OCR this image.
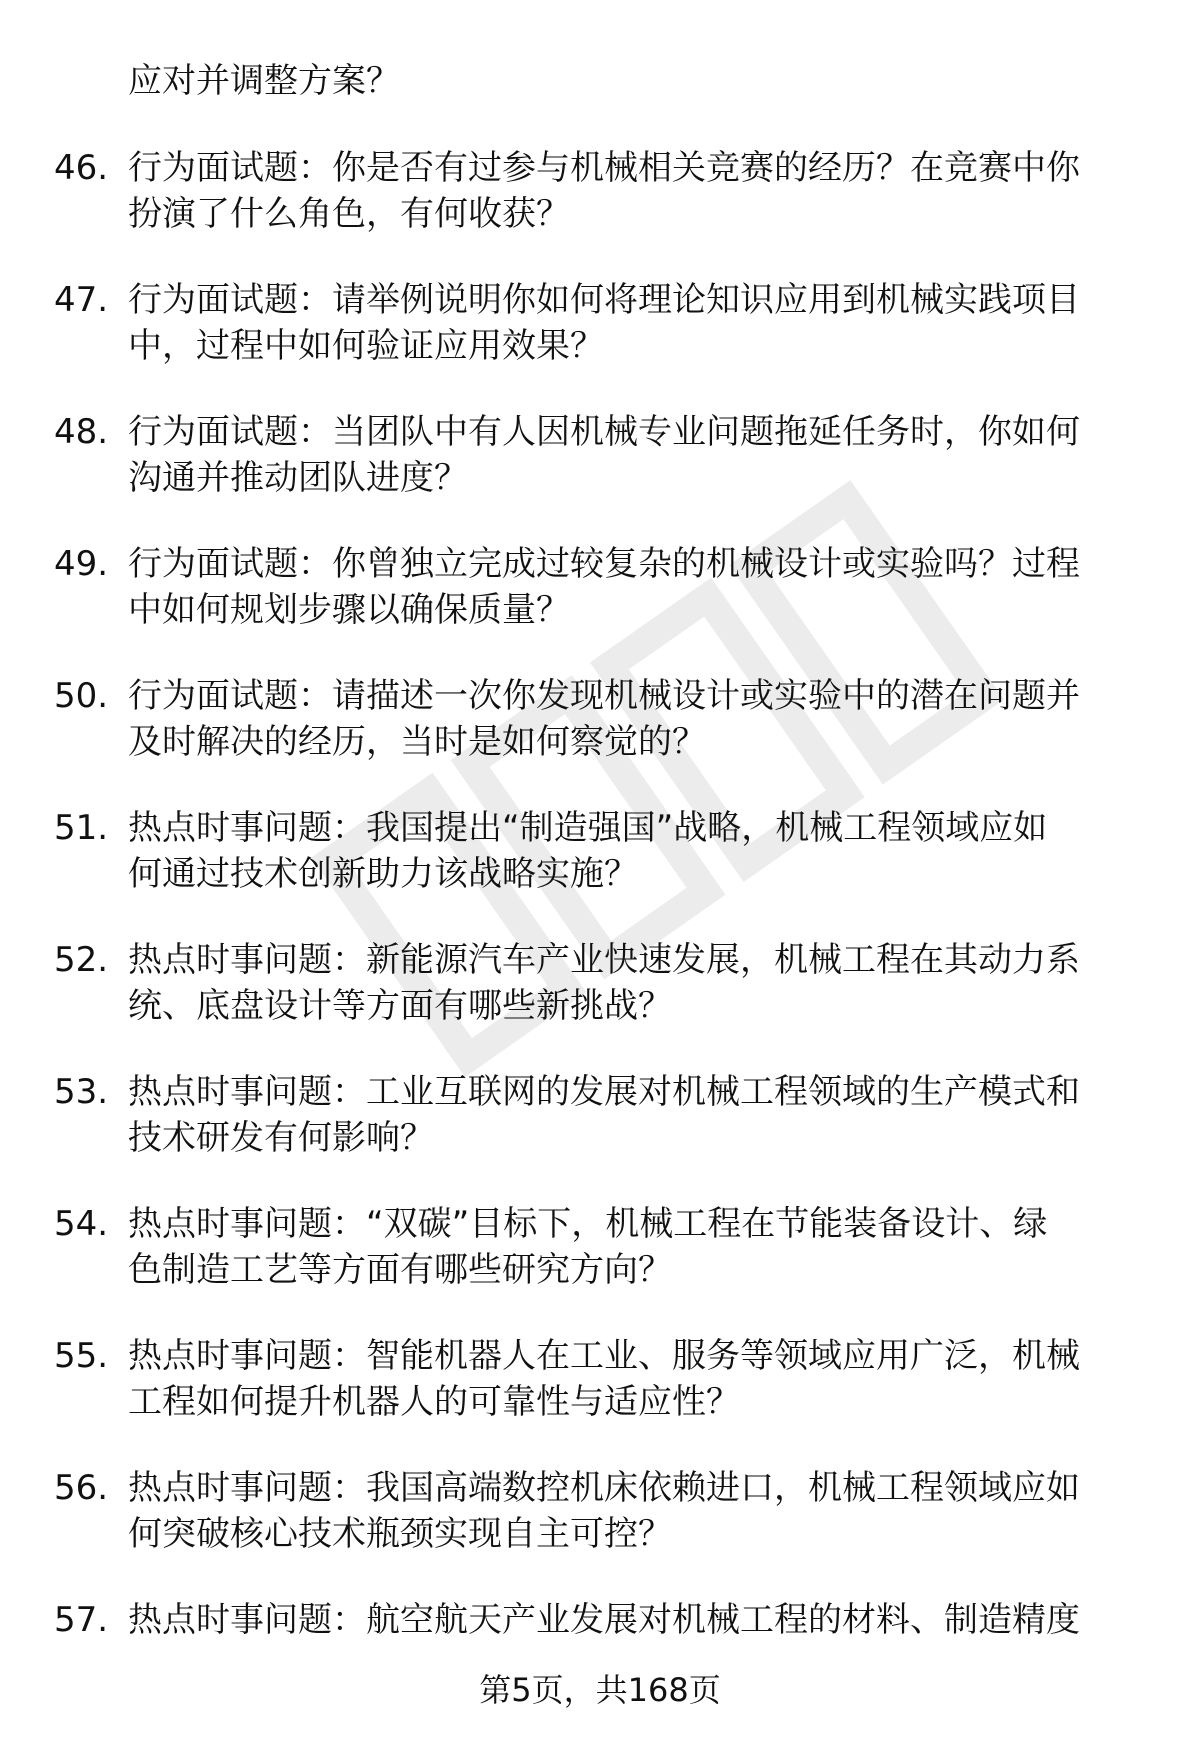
应对并调整方案？
46. 行为面试题：你是否有过参与机械相关竞赛的经历？在竞赛中你
扮演了什么角色，有何收获？
47. 行为面试题：请举例说明你如何将理论知识应用到机械实践项目
中，过程中如何验证应用效果？
48. 行为面试题：当团队中有人因机械专业问题拖延任务时，你如何
沟通并推动团队进度？
49. 行为面试题：你曾独立完成过较复杂的机械设计或实验吗？过程
中如何规划步骤以确保质量？
50. 行为面试题：请描述一次你发现机械设计或实验中的潜在问题并
及时解决的经历，当时是如何察觉的？
51. 热点时事问题：我国提出“制造强国”战略，机械工程领域应如
何通过技术创新助力该战略实施？
52. 热点时事问题：新能源汽车产业快速发展，机械工程在其动力系
统、底盘设计等方面有哪些新挑战？
53. 热点时事问题：工业互联网的发展对机械工程领域的生产模式和
技术研发有何影响？
54. 热点时事问题：“双碳”目标下，机械工程在节能装备设计、绿
色制造工艺等方面有哪些研究方向？
55. 热点时事问题：智能机器人在工业、服务等领域应用广泛，机械
工程如何提升机器人的可靠性与适应性？
56. 热点时事问题：我国高端数控机床依赖进口，机械工程领域应如
何突破核心技术瓶颈实现自主可控？
57. 热点时事问题：航空航天产业发展对机械工程的材料、制造精度
第5页，共168页
